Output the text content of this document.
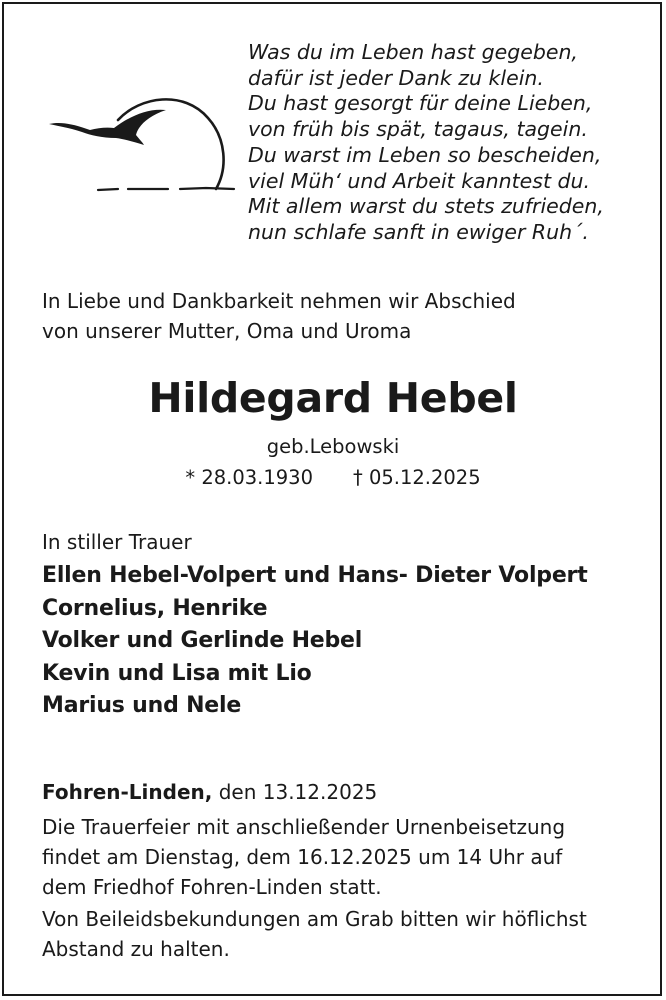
Was du im Leben hast gegeben,
dafür ist jeder Dank zu klein.
Du hast gesorgt für deine Lieben,
von früh bis spät, tagaus, tagein.
Du warst im Leben so bescheiden,
viel Müh‘ und Arbeit kanntest du.
Mit allem warst du stets zufrieden,
nun schlafe sanft in ewiger Ruh´.
In Liebe und Dankbarkeit nehmen wir Abschied
von unserer Mutter, Oma und Uroma
Hildegard Hebel
geb.Lebowski
* 28.03.1930 † 05.12.2025
In stiller Trauer
Ellen Hebel-Volpert und Hans- Dieter Volpert
Cornelius, Henrike
Volker und Gerlinde Hebel
Kevin und Lisa mit Lio
Marius und Nele
Fohren-Linden, den 13.12.2025
Die Trauerfeier mit anschließender Urnenbeisetzung
findet am Dienstag, dem 16.12.2025 um 14 Uhr auf
dem Friedhof Fohren-Linden statt.
Von Beileidsbekundungen am Grab bitten wir höflichst
Abstand zu halten.
